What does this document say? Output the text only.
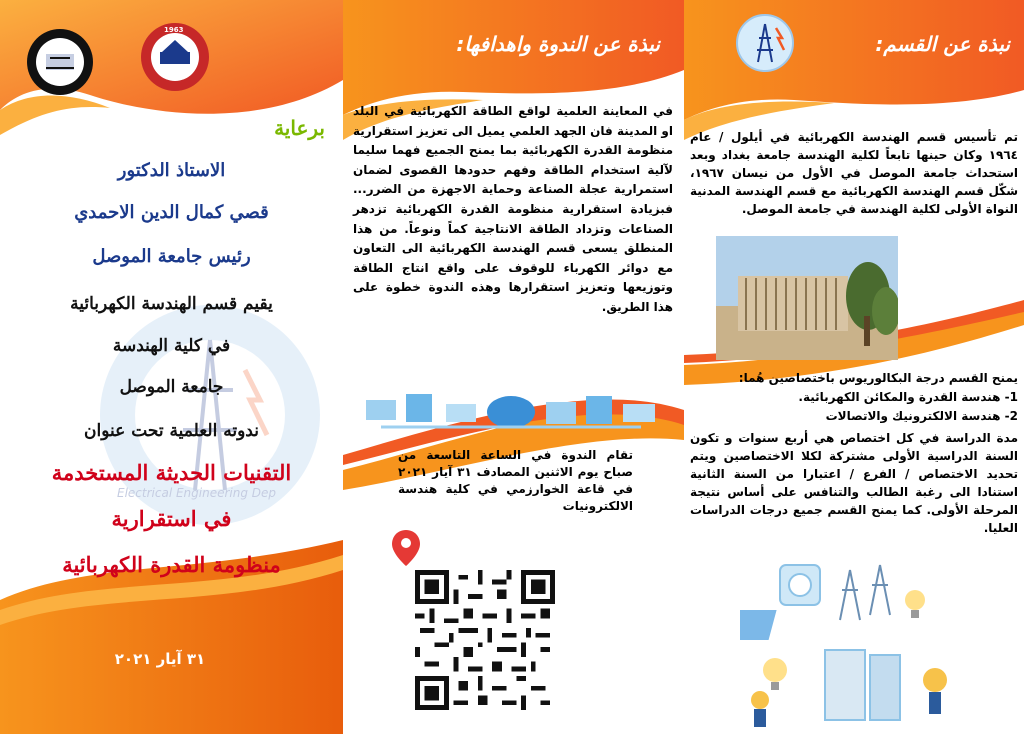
1963
Electrical Engineering Dep
برعاية
الاستاذ الدكتور
قصي كمال الدين الاحمدي
رئيس جامعة الموصل
يقيم قسم الهندسة الكهربائية
في كلية الهندسة
جامعة الموصل
ندوته العلمية تحت عنوان
التقنيات الحديثة المستخدمة
في استقرارية
منظومة القدرة الكهربائية
٣١ آيار ٢٠٢١
نبذة عن الندوة واهدافها:
في المعاينة العلمية لواقع الطاقة الكهربائية في البلد او المدينة فان الجهد العلمي يميل الى تعزيز استقرارية منظومة القدرة الكهربائية بما يمنح الجميع فهما سليما لآلية استخدام الطاقة وفهم حدودها القصوى لضمان استمرارية عجلة الصناعة وحماية الاجهزة من الضرر... فبزيادة استقرارية منظومة القدرة الكهربائية تزدهر الصناعات وتزداد الطاقة الانتاجية كماً ونوعاً. من هذا المنطلق يسعى قسم الهندسة الكهربائية الى التعاون مع دوائر الكهرباء للوقوف على واقع انتاج الطاقة وتوزيعها وتعزيز استقرارها وهذه الندوة خطوة على هذا الطريق.
تقام الندوة في الساعة التاسعة من صباح يوم الاثنين المصادف ٣١ آيار ٢٠٢١ في قاعة الخوارزمي في كلية هندسة الالكترونيات
نبذة عن القسم:
تم تأسيس قسم الهندسة الكهربائية في أيلول / عام ١٩٦٤ وكان حينها تابعاً لكلية الهندسة جامعة بغداد وبعد استحداث جامعة الموصل في الأول من نيسان ١٩٦٧، شكّل قسم الهندسة الكهربائية مع قسم الهندسة المدنية النواة الأولى لكلية الهندسة في جامعة الموصل.
يمنح القسم درجة البكالوريوس باختصاصين هُما:
1- هندسة القدرة والمكائن الكهربائية.
2- هندسة الالكترونيك والاتصالات
مدة الدراسة في كل اختصاص هي أربع سنوات و تكون السنة الدراسية الأولى مشتركة لكلا الاختصاصين ويتم تحديد الاختصاص / الفرع / اعتبارا من السنة الثانية استنادا الى رغبة الطالب والتنافس على أساس نتيجة المرحلة الأولى. كما يمنح القسم جميع درجات الدراسات العليا.
